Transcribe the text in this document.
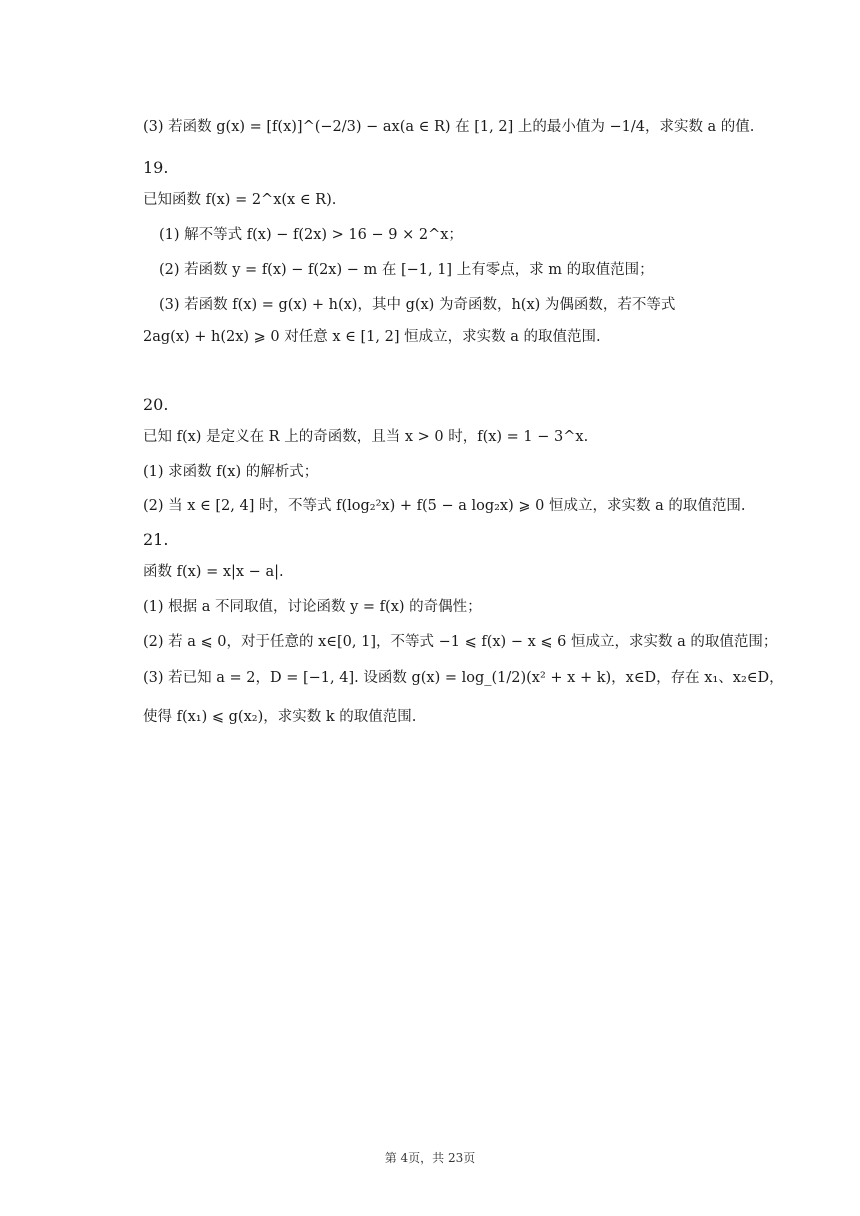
(3) 若函数 g(x) = [f(x)]^(−2/3) − ax(a ∈ R) 在 [1, 2] 上的最小值为 −1/4，求实数 a 的值.
19.
已知函数 f(x) = 2^x(x ∈ R).
(1) 解不等式 f(x) − f(2x) > 16 − 9 × 2^x；
(2) 若函数 y = f(x) − f(2x) − m 在 [−1, 1] 上有零点，求 m 的取值范围；
(3) 若函数 f(x) = g(x) + h(x)，其中 g(x) 为奇函数，h(x) 为偶函数，若不等式
2ag(x) + h(2x) ⩾ 0 对任意 x ∈ [1, 2] 恒成立，求实数 a 的取值范围.
20.
已知 f(x) 是定义在 R 上的奇函数，且当 x > 0 时，f(x) = 1 − 3^x.
(1) 求函数 f(x) 的解析式；
(2) 当 x ∈ [2, 4] 时，不等式 f(log₂²x) + f(5 − a log₂x) ⩾ 0 恒成立，求实数 a 的取值范围.
21.
函数 f(x) = x|x − a|.
(1) 根据 a 不同取值，讨论函数 y = f(x) 的奇偶性；
(2) 若 a ⩽ 0，对于任意的 x∈[0, 1]，不等式 −1 ⩽ f(x) − x ⩽ 6 恒成立，求实数 a 的取值范围；
(3) 若已知 a = 2，D = [−1, 4]. 设函数 g(x) = log_(1/2)(x² + x + k)，x∈D，存在 x₁、x₂∈D，
使得 f(x₁) ⩽ g(x₂)，求实数 k 的取值范围.
第 4页，共 23页
